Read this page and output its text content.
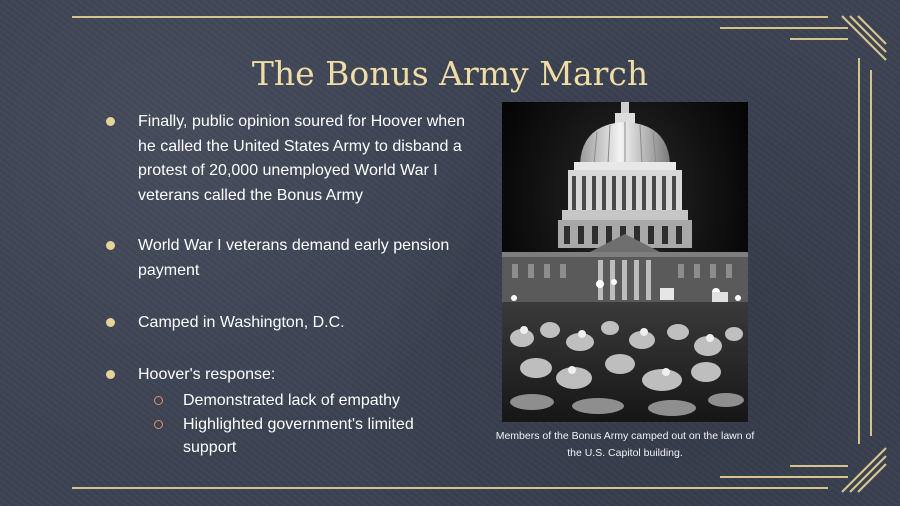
The Bonus Army March
Finally, public opinion soured for Hoover when he called the United States Army to disband a protest of 20,000 unemployed World War I veterans called the Bonus Army
World War I veterans demand early pension payment
Camped in Washington, D.C.
Hoover's response:
Demonstrated lack of empathy
Highlighted government's limited support
Members of the Bonus Army camped out on the lawn of the U.S. Capitol building.
